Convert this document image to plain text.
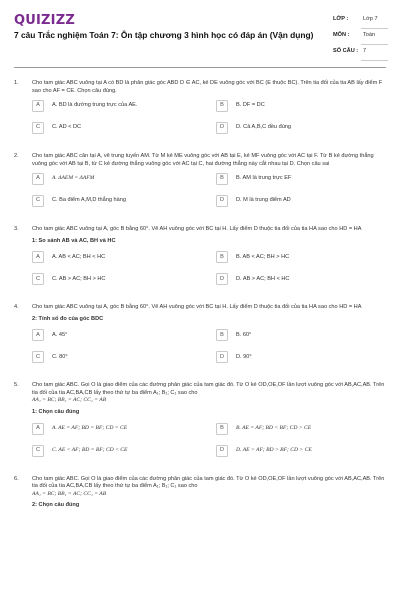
QUIZIZZ
7 câu Trắc nghiệm Toán 7: Ôn tập chương 3 hình học có đáp án (Vận dụng)
LỚP :	Lớp 7
MÔN : Toán
SỐ CÂU : 7
1. Cho tam giác ABC vuông tại A có BD là phân giác góc ABD D ∈ AC, kẻ DE vuông góc với BC (E thuộc BC). Trên tia đối của tia AB lấy điểm F sao cho AF = CE. Chọn câu đúng.
A	A. BD là đường trung trực của AE.	B	B. DF = DC
C	C. AD < DC	D	D. Cả A,B,C đều đúng
2. Cho tam giác ABC cân tại A, vẽ trung tuyến AM. Từ M kẻ ME vuông góc với AB tại E, kẻ MF vuông góc với AC tại F. Từ B kẻ đường thẳng vuông góc với AB tại B, từ C kẻ đường thẳng vuông góc với AC tại C, hai đường thẳng này cắt nhau tại D. Chọn câu sai
A	A. ΔAEM = ΔAFM	B	B. AM là trung trực EF
C	C. Ba điểm A,M,D thẳng hàng	D	D. M là trung điểm AD
3. Cho tam giác ABC vuông tại A, góc B bằng 60°. Vẽ AH vuông góc với BC tại H. Lấy điểm D thuộc tia đối của tia HA sao cho HD = HA
1: So sánh AB và AC, BH và HC
A	A. AB < AC; BH < HC	B	B. AB < AC; BH > HC
C	C. AB > AC; BH > HC	D	D. AB > AC; BH < HC
4. Cho tam giác ABC vuông tại A, góc B bằng 60°. Vẽ AH vuông góc với BC tại H. Lấy điểm D thuộc tia đối của tia HA sao cho HD = HA
2: Tính số đo của góc BDC
A	A. 45°	B	B. 60°
C	C. 80°	D	D. 90°
5. Cho tam giác ABC. Gọi O là giao điểm của các đường phân giác của tam giác đó. Từ O kẻ OD,OE,OF lần lượt vuông góc với AB,AC,AB. Trên tia đối của tia AC,BA,CB lấy theo thứ tự ba điểm A₁; B₁; C₁ sao cho
AA₁ = BC; BB₁ = AC; CC₁ = AB
1: Chọn câu đúng
A	A. AE = AF; BD = BF; CD = CE	B	B. AE = AF; BD < BF; CD > CE
C	C. AE < AF; BD = BF; CD < CE	D	D. AE > AF; BD > BF; CD > CE
6. Cho tam giác ABC. Gọi O là giao điểm của các đường phân giác của tam giác đó. Từ O kẻ OD,OE,OF lần lượt vuông góc với AB,AC,AB. Trên tia đối của tia AC,BA,CB lấy theo thứ tự ba điểm A₁; B₁; C₁ sao cho
AA₁ = BC; BB₁ = AC; CC₁ = AB
2: Chọn câu đúng
